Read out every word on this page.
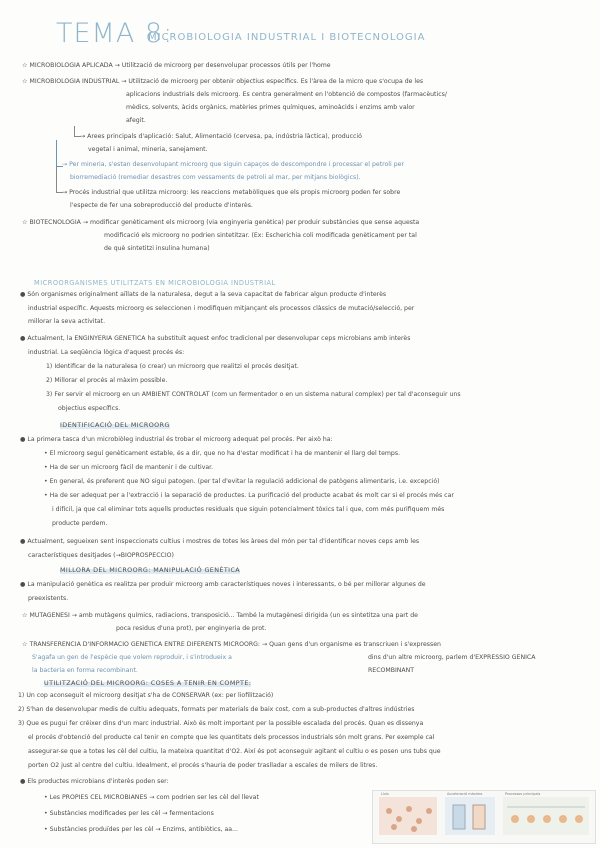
TEMA 8:
MICROBIOLOGIA INDUSTRIAL I BIOTECNOLOGIA
☆ MICROBIOLOGIA APLICADA → Utilització de microorg per desenvolupar processos útils per l'home
☆ MICROBIOLOGIA INDUSTRIAL → Utilització de microorg per obtenir objectius específics. És l'àrea de la micro que s'ocupa de les
aplicacions industrials dels microorg. Es centra generalment en l'obtenció de compostos (farmacèutics/
mèdics, solvents, àcids orgànics, matèries primes químiques, aminoàcids i enzims amb valor
afegit.
→ Àrees principals d'aplicació: Salut, Alimentació (cervesa, pa, indústria làctica), producció
vegetal i animal, mineria, sanejament.
→ Per mineria, s'estan desenvolupant microorg que siguin capaços de descompondre i processar el petroli per
biorremediació (remediar desastres com vessaments de petroli al mar, per mitjans biològics).
→ Procés industrial que utilitza microorg: les reaccions metabòliques que els propis microorg poden fer sobre
l'especte de fer una sobreproducció del producte d'interès.
☆ BIOTECNOLOGIA → modificar genèticament els microorg (via enginyeria genètica) per produir substàncies que sense aquesta
modificació els microorg no podrien sintetitzar. (Ex: Escherichia coli modificada genèticament per tal
de què sintetitzi insulina humana)
● Són organismes originalment aïllats de la naturalesa, degut a la seva capacitat de fabricar algun producte d'interès
industrial específic. Aquests microorg es seleccionen i modifiquen mitjançant els processos clàssics de mutació/selecció, per
millorar la seva activitat.
● Actualment, la ENGINYERIA GENÈTICA ha substituït aquest enfoc tradicional per desenvolupar ceps microbians amb interès
industrial. La seqüència lògica d'aquest procés és:
1) Identificar de la naturalesa (o crear) un microorg que realitzi el procés desitjat.
2) Millorar el procés al màxim possible.
3) Fer servir el microorg en un AMBIENT CONTROLAT (com un fermentador o en un sistema natural complex) per tal d'aconseguir uns
objectius específics.
● La primera tasca d'un microbiòleg industrial és trobar el microorg adequat pel procés. Per això ha:
• El microorg seguí genèticament estable, és a dir, que no ha d'estar modificat i ha de mantenir el llarg del temps.
• Ha de ser un microorg fàcil de mantenir i de cultivar.
• En general, és preferent que NO sigui patogen. (per tal d'evitar la regulació addicional de patògens alimentaris, i.e. excepció)
• Ha de ser adequat per a l'extracció i la separació de productes. La purificació del producte acabat és molt car si el procés més car
i difícil, ja que cal eliminar tots aquells productes residuals que siguin potencialment tòxics tal i que, com més purifiquem més
producte perdem.
● Actualment, segueixen sent inspeccionats cultius i mostres de totes les àrees del món per tal d'identificar noves ceps amb les
característiques desitjades (→BIOPROSPECCIÓ)
● La manipulació genètica es realitza per produir microorg amb característiques noves i interessants, o bé per millorar algunes de
preexistents.
☆ MUTAGÈNESI → amb mutàgens químics, radiacions, transposició... També la mutagènesi dirigida (un es sintetitza una part de
poca residus d'una prot), per enginyeria de prot.
☆ TRANSFERÈNCIA D'INFORMACIÓ GENÈTICA ENTRE DIFERENTS MICROORG: → Quan gens d'un organisme es transcriuen i s'expressen
S'agafa un gen de l'espècie que volem reproduir, i s'introdueix a	dins d'un altre microorg, parlem d'EXPRESSIÓ GÈNICA
la bacteria en forma recombinant.	RECOMBINANT
1) Un cop aconseguit el microorg desitjat s'ha de CONSERVAR (ex: per liofilització)
2) S'han de desenvolupar medis de cultiu adequats, formats per materials de baix cost, com a sub-productes d'altres indústries
3) Que es pugui fer créixer dins d'un marc industrial. Això és molt important per la possible escalada del procés. Quan es dissenya
el procés d'obtenció del producte cal tenir en compte que les quantitats dels processos industrials són molt grans. Per exemple cal
assegurar-se que a totes les cèl del cultiu, la mateixa quantitat d'O2. Així és pot aconseguir agitant el cultiu o es posen uns tubs que
porten O2 just al centre del cultiu. Idealment, el procés s'hauria de poder traslladar a escales de milers de litres.
● Els productes microbians d'interès poden ser:
• Les PRÒPIES CÈL MICROBIANES → com podrien ser les cèl del llevat
• Substàncies modificades per les cèl → fermentacions
• Substàncies produïdes per les cèl → Enzims, antibiòtics, aa...
MICROORGANISMES UTILITZATS EN MICROBIOLOGIA INDUSTRIAL
IDENTIFICACIÓ DEL MICROORG
MILLORA DEL MICROORG: MANIPULACIÓ GENÈTICA
UTILITZACIÓ DEL MICROORG: COSES A TENIR EN COMPTE:
Lluis	Acceleració màxima	Processos principals
